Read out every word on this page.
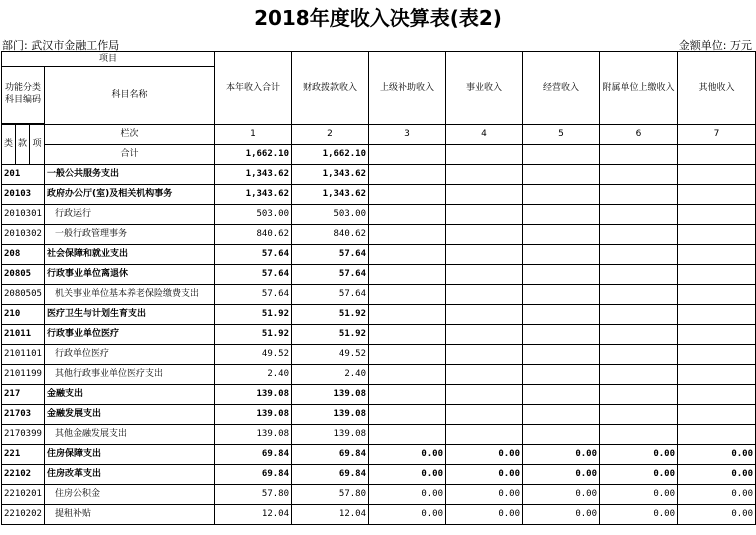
2018年度收入决算表(表2)
部门: 武汉市金融工作局	金额单位: 万元
项目				本年收入合计	财政拨款收入	上级补助收入	事业收入	经营收入	附属单位上缴收入	其他收入
功能分类科目编码			科目名称							

类	款	项	栏次	1	2	3	4	5	6	7
			合计	1,662.10	1,662.10					
201			一般公共服务支出	1,343.62	1,343.62					
20103			政府办公厅(室)及相关机构事务	1,343.62	1,343.62					
2010301			行政运行	503.00	503.00					
2010302			一般行政管理事务	840.62	840.62					
208			社会保障和就业支出	57.64	57.64					
20805			行政事业单位离退休	57.64	57.64					
2080505			机关事业单位基本养老保险缴费支出	57.64	57.64					
210			医疗卫生与计划生育支出	51.92	51.92					
21011			行政事业单位医疗	51.92	51.92					
2101101			行政单位医疗	49.52	49.52					
2101199			其他行政事业单位医疗支出	2.40	2.40					
217			金融支出	139.08	139.08					
21703			金融发展支出	139.08	139.08					
2170399			其他金融发展支出	139.08	139.08					
221			住房保障支出	69.84	69.84	0.00	0.00	0.00	0.00	0.00
22102			住房改革支出	69.84	69.84	0.00	0.00	0.00	0.00	0.00
2210201			住房公积金	57.80	57.80	0.00	0.00	0.00	0.00	0.00
2210202			提租补贴	12.04	12.04	0.00	0.00	0.00	0.00	0.00
